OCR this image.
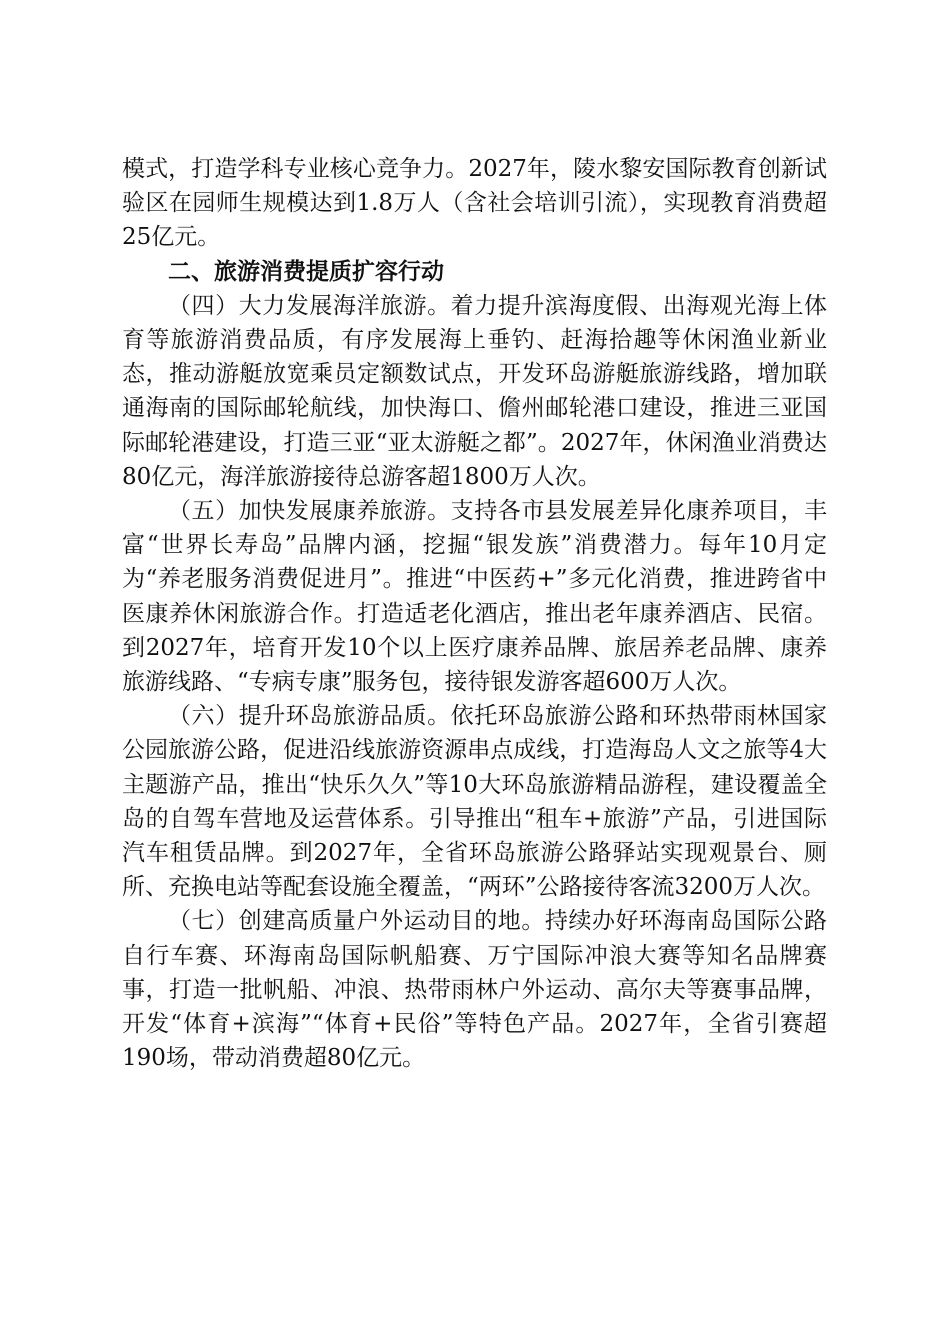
模式，打造学科专业核心竞争力。2027年，陵水黎安国际教育创新试验区在园师生规模达到1.8万人（含社会培训引流），实现教育消费超25亿元。

二、旅游消费提质扩容行动

（四）大力发展海洋旅游。着力提升滨海度假、出海观光海上体育等旅游消费品质，有序发展海上垂钓、赶海拾趣等休闲渔业新业态，推动游艇放宽乘员定额数试点，开发环岛游艇旅游线路，增加联通海南的国际邮轮航线，加快海口、儋州邮轮港口建设，推进三亚国际邮轮港建设，打造三亚“亚太游艇之都”。2027年，休闲渔业消费达80亿元，海洋旅游接待总游客超1800万人次。

（五）加快发展康养旅游。支持各市县发展差异化康养项目，丰富“世界长寿岛”品牌内涵，挖掘“银发族”消费潜力。每年10月定为“养老服务消费促进月”。推进“中医药+”多元化消费，推进跨省中医康养休闲旅游合作。打造适老化酒店，推出老年康养酒店、民宿。到2027年，培育开发10个以上医疗康养品牌、旅居养老品牌、康养旅游线路、“专病专康”服务包，接待银发游客超600万人次。

（六）提升环岛旅游品质。依托环岛旅游公路和环热带雨林国家公园旅游公路，促进沿线旅游资源串点成线，打造海岛人文之旅等4大主题游产品，推出“快乐久久”等10大环岛旅游精品游程，建设覆盖全岛的自驾车营地及运营体系。引导推出“租车+旅游”产品，引进国际汽车租赁品牌。到2027年，全省环岛旅游公路驿站实现观景台、厕所、充换电站等配套设施全覆盖，“两环”公路接待客流3200万人次。

（七）创建高质量户外运动目的地。持续办好环海南岛国际公路自行车赛、环海南岛国际帆船赛、万宁国际冲浪大赛等知名品牌赛事，打造一批帆船、冲浪、热带雨林户外运动、高尔夫等赛事品牌，开发“体育+滨海”“体育+民俗”等特色产品。2027年，全省引赛超190场，带动消费超80亿元。
